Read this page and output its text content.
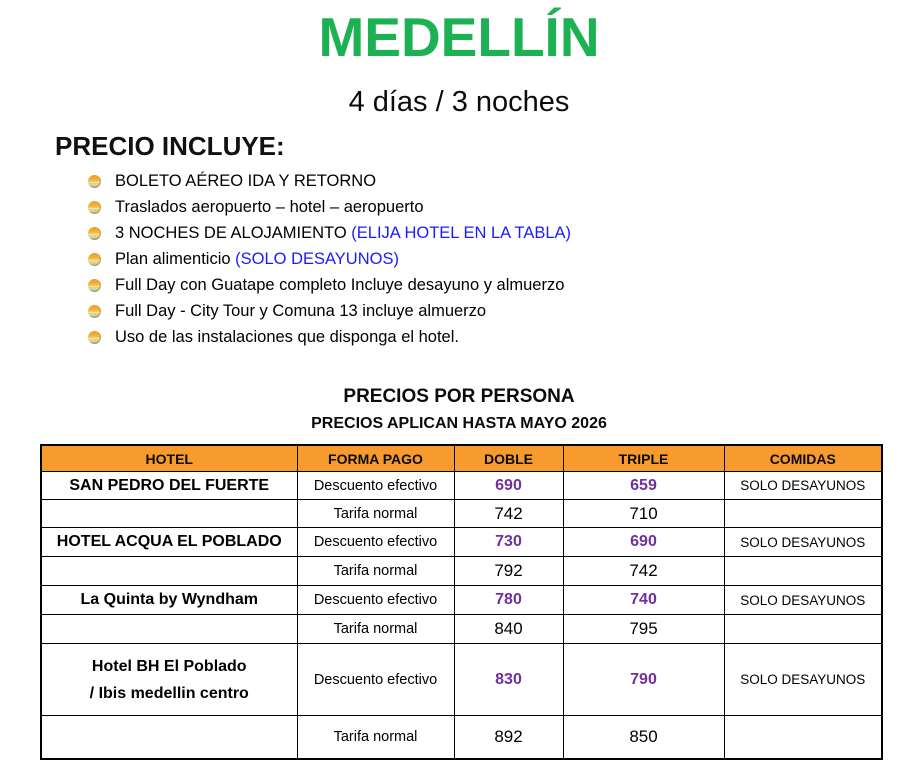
MEDELLÍN
4 días / 3 noches
PRECIO INCLUYE:
BOLETO AÉREO IDA Y RETORNO
Traslados aeropuerto – hotel – aeropuerto
3 NOCHES DE ALOJAMIENTO (ELIJA HOTEL EN LA TABLA)
Plan alimenticio (SOLO DESAYUNOS)
Full Day con Guatape completo Incluye desayuno y almuerzo
Full Day - City Tour y Comuna 13 incluye almuerzo
Uso de las instalaciones que disponga el hotel.
PRECIOS POR PERSONA
PRECIOS APLICAN HASTA MAYO 2026
HOTEL	FORMA PAGO	DOBLE	TRIPLE	COMIDAS
SAN PEDRO DEL FUERTE	Descuento efectivo	690	659	SOLO DESAYUNOS
	Tarifa normal	742	710	
HOTEL ACQUA EL POBLADO	Descuento efectivo	730	690	SOLO DESAYUNOS
	Tarifa normal	792	742	
La Quinta by Wyndham	Descuento efectivo	780	740	SOLO DESAYUNOS
	Tarifa normal	840	795	

Hotel BH El Poblado
/ Ibis medellin centro	Descuento efectivo	830	790	SOLO DESAYUNOS
	Tarifa normal	892	850	
